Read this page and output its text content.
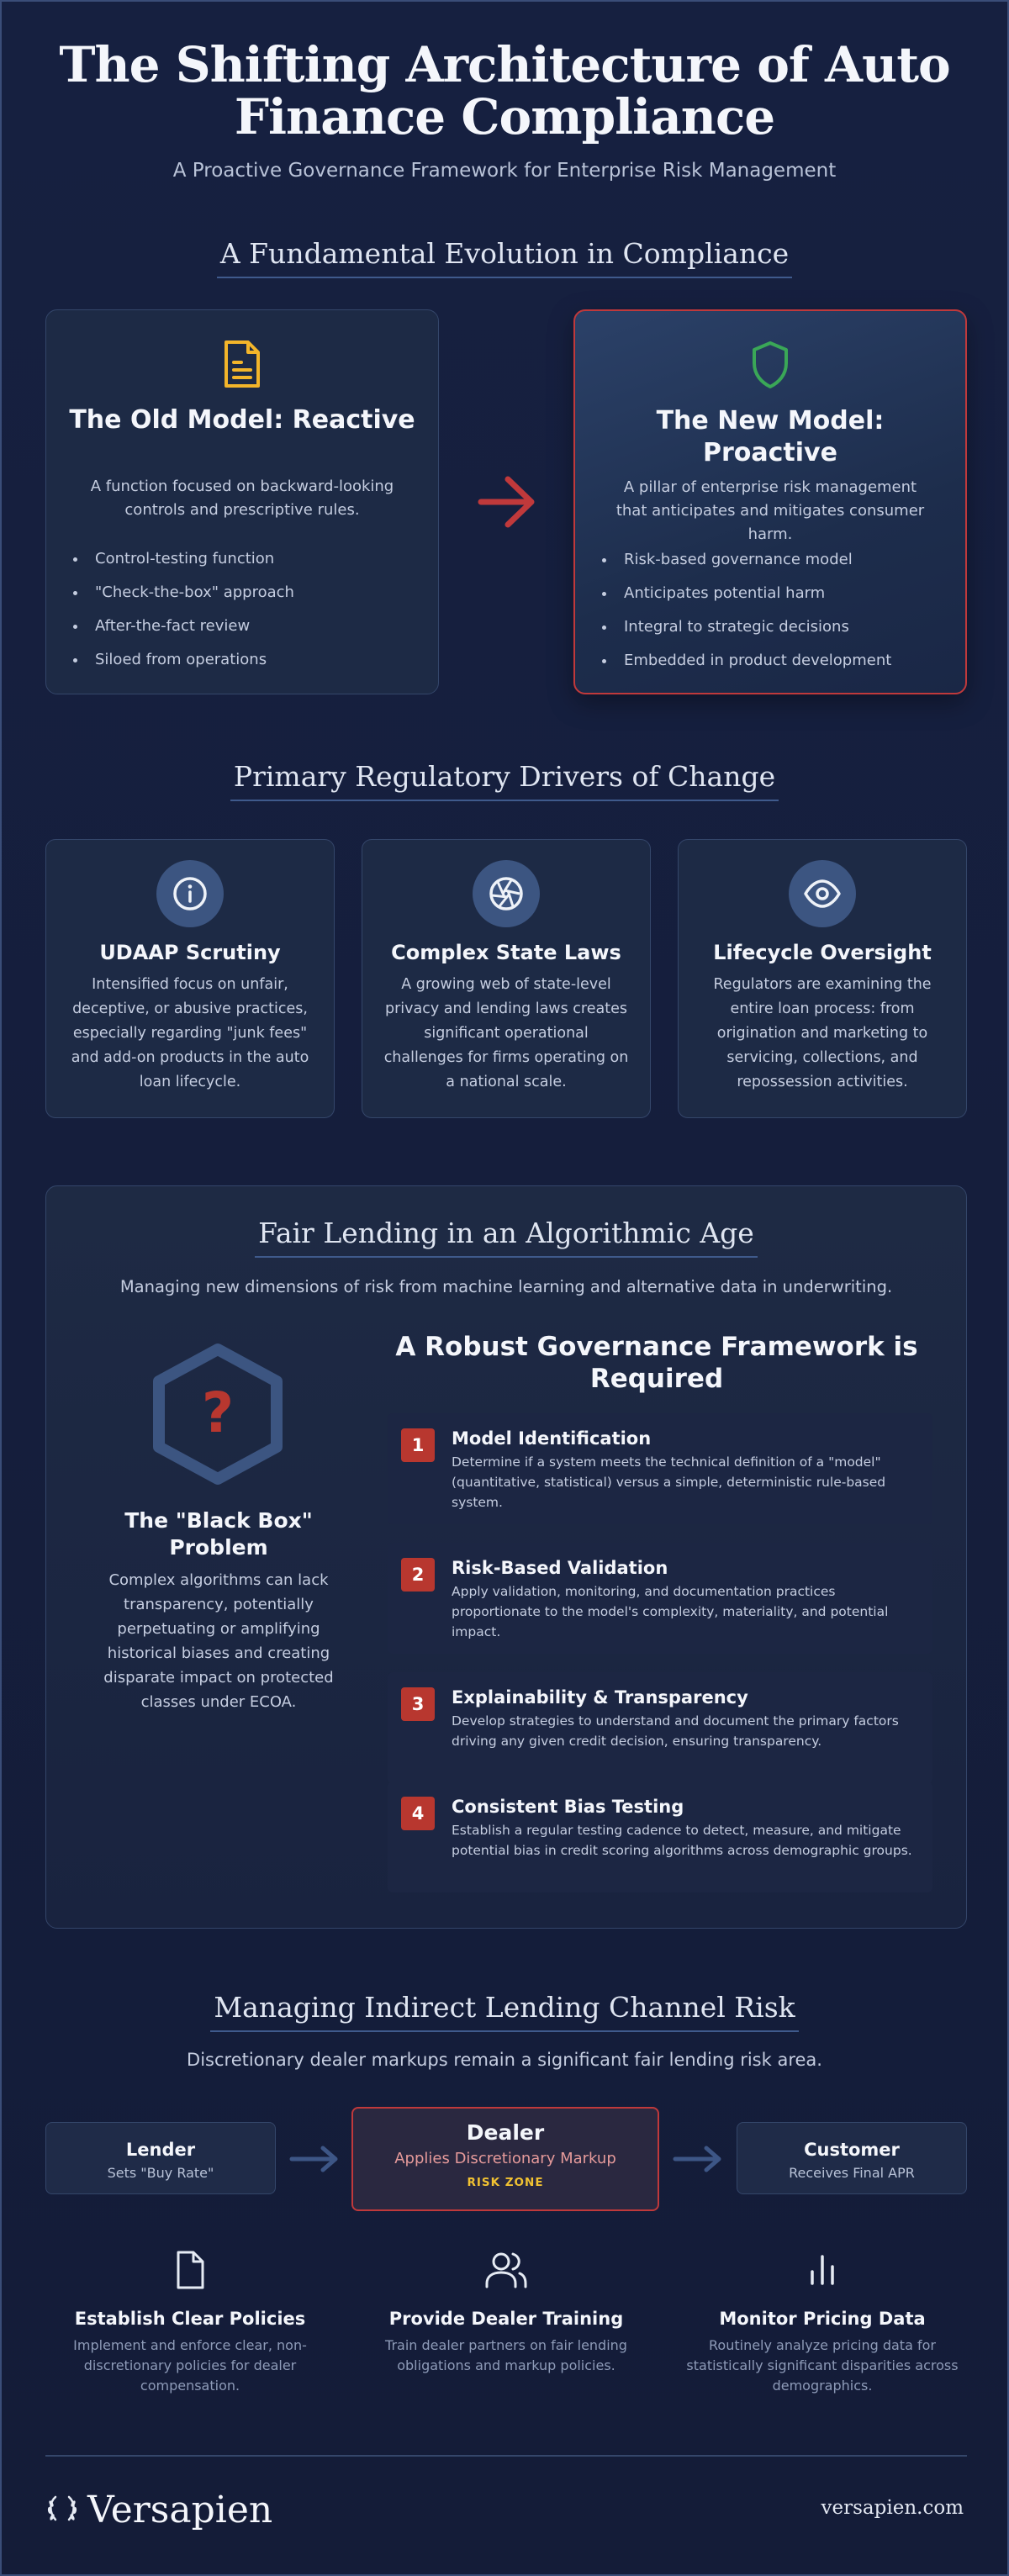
The Shifting Architecture of Auto Finance Compliance
A Proactive Governance Framework for Enterprise Risk Management
A Fundamental Evolution in Compliance
The Old Model: Reactive
A function focused on backward-looking controls and prescriptive rules.
Control-testing function
"Check-the-box" approach
After-the-fact review
Siloed from operations
The New Model: Proactive
A pillar of enterprise risk management that anticipates and mitigates consumer harm.
Risk-based governance model
Anticipates potential harm
Integral to strategic decisions
Embedded in product development
Primary Regulatory Drivers of Change
UDAAP Scrutiny
Intensified focus on unfair, deceptive, or abusive practices, especially regarding "junk fees" and add-on products in the auto loan lifecycle.
Complex State Laws
A growing web of state-level privacy and lending laws creates significant operational challenges for firms operating on a national scale.
Lifecycle Oversight
Regulators are examining the entire loan process: from origination and marketing to servicing, collections, and repossession activities.
Fair Lending in an Algorithmic Age
Managing new dimensions of risk from machine learning and alternative data in underwriting.
?
The "Black Box" Problem
Complex algorithms can lack transparency, potentially perpetuating or amplifying historical biases and creating disparate impact on protected classes under ECOA.
A Robust Governance Framework is Required
1	Model Identification
Determine if a system meets the technical definition of a "model" (quantitative, statistical) versus a simple, deterministic rule-based system.
2	Risk-Based Validation
Apply validation, monitoring, and documentation practices proportionate to the model's complexity, materiality, and potential impact.
3	Explainability & Transparency
Develop strategies to understand and document the primary factors driving any given credit decision, ensuring transparency.
4	Consistent Bias Testing
Establish a regular testing cadence to detect, measure, and mitigate potential bias in credit scoring algorithms across demographic groups.
Managing Indirect Lending Channel Risk
Discretionary dealer markups remain a significant fair lending risk area.
Lender
Sets "Buy Rate"
Dealer
Applies Discretionary Markup
RISK ZONE
Customer
Receives Final APR
Establish Clear Policies
Implement and enforce clear, non-discretionary policies for dealer compensation.
Provide Dealer Training
Train dealer partners on fair lending obligations and markup policies.
Monitor Pricing Data
Routinely analyze pricing data for statistically significant disparities across demographics.
Versapien	versapien.com
